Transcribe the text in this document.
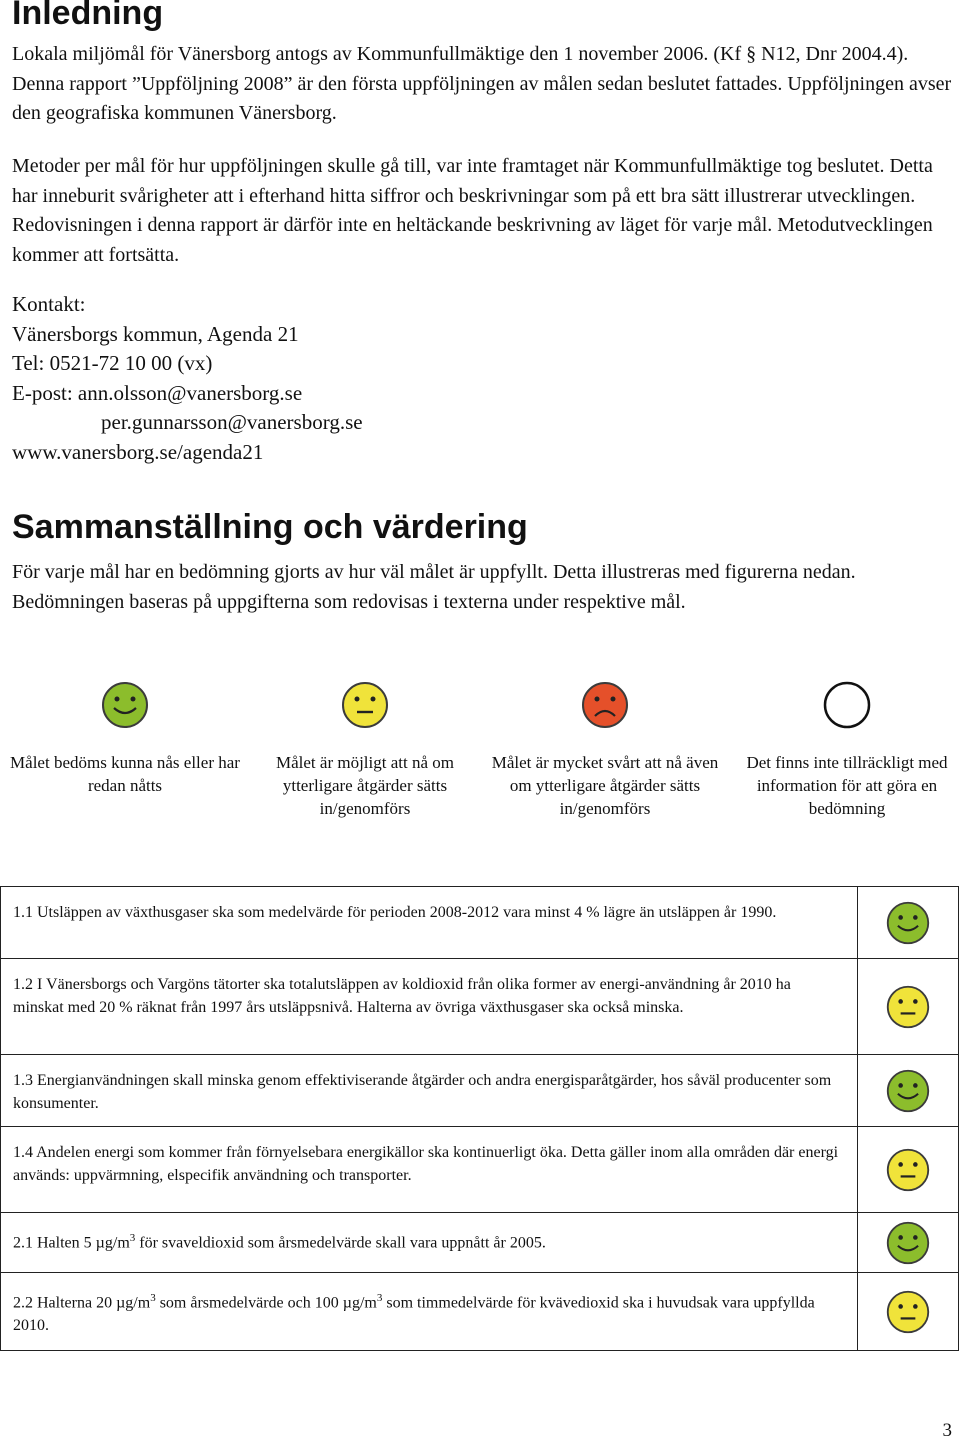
Inledning

Lokala miljömål för Vänersborg antogs av Kommunfullmäktige den 1 november 2006. (Kf § N12, Dnr 2004.4). Denna rapport ”Uppföljning 2008” är den första uppföljningen av målen sedan beslutet fattades. Uppföljningen avser den geografiska kommunen Vänersborg.

Metoder per mål för hur uppföljningen skulle gå till, var inte framtaget när Kommunfullmäktige tog beslutet. Detta har inneburit svårigheter att i efterhand hitta siffror och beskrivningar som på ett bra sätt illustrerar utvecklingen. Redovisningen i denna rapport är därför inte en heltäckande beskrivning av läget för varje mål. Metodutvecklingen kommer att fortsätta.

Kontakt:
Vänersborgs kommun, Agenda 21
Tel: 0521-72 10 00 (vx)
E-post: ann.olsson@vanersborg.se
per.gunnarsson@vanersborg.se
www.vanersborg.se/agenda21
Sammanställning och värdering

För varje mål har en bedömning gjorts av hur väl målet är uppfyllt. Detta illustreras med figurerna nedan. Bedömningen baseras på uppgifterna som redovisas i texterna under respektive mål.

Målet bedöms kunna nås eller har redan nåtts
Målet är möjligt att nå om ytterligare åtgärder sätts in/genomförs
Målet är mycket svårt att nå även om ytterligare åtgärder sätts in/genomförs
Det finns inte tillräckligt med information för att göra en bedömning
1.1 Utsläppen av växthusgaser ska som medelvärde för perioden 2008-2012 vara minst 4 % lägre än utsläppen år 1990.	

1.2 I Vänersborgs och Vargöns tätorter ska totalutsläppen av koldioxid från olika former av energi-användning år 2010 ha minskat med 20 % räknat från 1997 års utsläppsnivå. Halterna av övriga växthusgaser ska också minska.	

1.3 Energianvändningen skall minska genom effektiviserande åtgärder och andra energisparåtgärder, hos såväl producenter som konsumenter.	

1.4 Andelen energi som kommer från förnyelsebara energikällor ska kontinuerligt öka. Detta gäller inom alla områden där energi används: uppvärmning, elspecifik användning och transporter.	

2.1 Halten 5 $\mu g/m^3$ för svaveldioxid som årsmedelvärde skall vara uppnått år 2005.	

2.2 Halterna 20 $\mu g/m^3$ som årsmedelvärde och 100 $\mu g/m^3$ som timmedelvärde för kvävedioxid ska i huvudsak vara uppfyllda 2010.	
3
